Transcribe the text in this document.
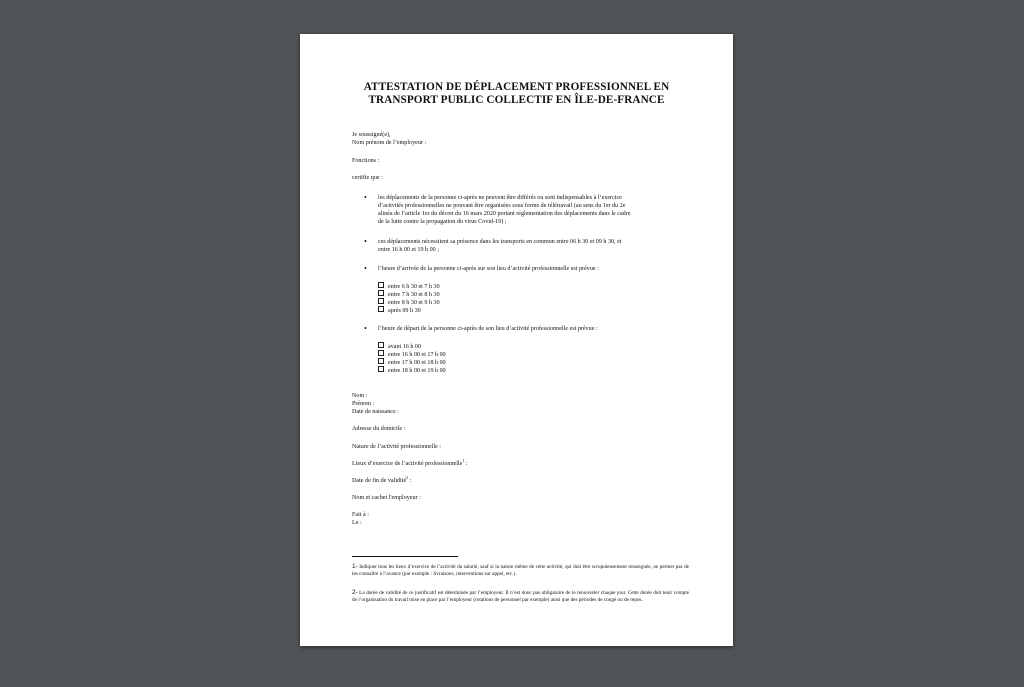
ATTESTATION DE DÉPLACEMENT PROFESSIONNEL EN
TRANSPORT PUBLIC COLLECTIF EN ÎLE-DE-FRANCE
Je soussigné(e),
Nom prénom de l’employeur :
Fonctions :
certifie que :
• les déplacements de la personne ci-après ne peuvent être différés ou sont indispensables à l’exercice
d’activités professionnelles ne pouvant être organisées sous forme de télétravail (au sens du 1er du 2e
alinéa de l’article 1er du décret du 16 mars 2020 portant réglementation des déplacements dans le cadre
de la lutte contre la propagation du virus Covid-19) ;
• ces déplacements nécessitent sa présence dans les transports en commun entre 06 h 30 et 09 h 30, et
entre 16 h 00 et 19 h 00 ;
• l’heure d’arrivée de la personne ci-après sur son lieu d’activité professionnelle est prévue :
entre 6 h 30 et 7 h 30
entre 7 h 30 et 8 h 30
entre 8 h 30 et 9 h 30
après 09 h 30
• l’heure de départ de la personne ci-après de son lieu d’activité professionnelle est prévue :
avant 16 h 00
entre 16 h 00 et 17 h 00
entre 17 h 00 et 18 h 00
entre 18 h 00 et 19 h 00
Nom :
Prénom :
Date de naissance :
Adresse du domicile :
Nature de l’activité professionnelle :
Lieux d’exercice de l’activité professionnelle$^1$ :
Date de fin de validité$^2$ :
Nom et cachet l'employeur :
Fait à :
Le :
1- Indiquer tous les lieux d’exercice de l’activité du salarié, sauf si la nature même de cette activité, qui doit être scrupuleusement renseignée, ne permet pas de les connaître à l’avance (par exemple : livraisons, interventions sur appel, etc.).
2- La durée de validité de ce justificatif est déterminée par l’employeur. Il n’est donc pas obligatoire de le renouveler chaque jour. Cette durée doit tenir compte de l’organisation du travail mise en place par l’employeur (rotations de personnel par exemple) ainsi que des périodes de congé ou de repos.
